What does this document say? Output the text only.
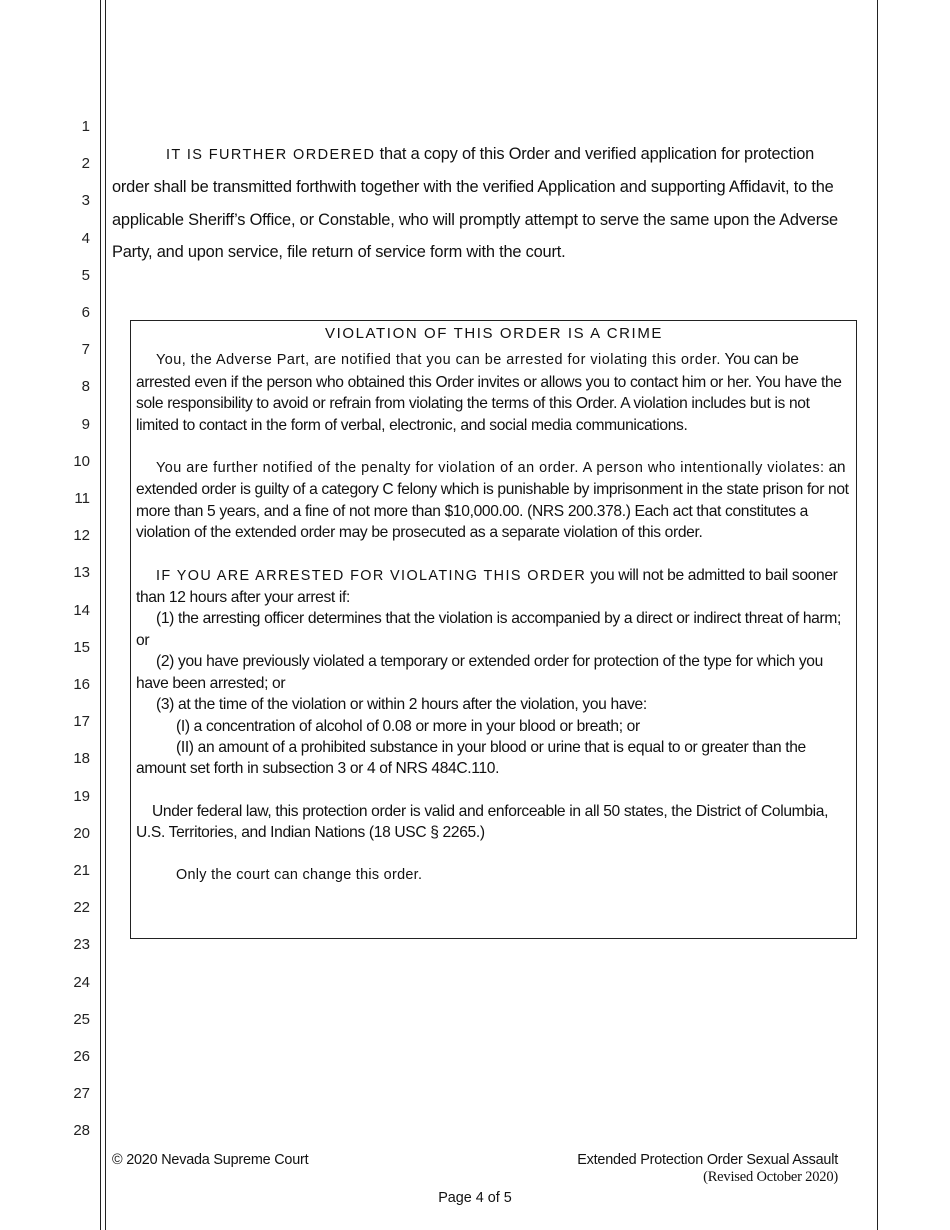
1
2
3
4
5
6
7
8
9
10
11
12
13
14
15
16
17
18
19
20
21
22
23
24
25
26
27
28
IT IS FURTHER ORDERED that a copy of this Order and verified application for protection order shall be transmitted forthwith together with the verified Application and supporting Affidavit, to the applicable Sheriff’s Office, or Constable, who will promptly attempt to serve the same upon the Adverse Party, and upon service, file return of service form with the court.
VIOLATION OF THIS ORDER IS A CRIME

You, the Adverse Part, are notified that you can be arrested for violating this order. You can be arrested even if the person who obtained this Order invites or allows you to contact him or her. You have the sole responsibility to avoid or refrain from violating the terms of this Order. A violation includes but is not limited to contact in the form of verbal, electronic, and social media communications.

You are further notified of the penalty for violation of an order. A person who intentionally violates: an extended order is guilty of a category C felony which is punishable by imprisonment in the state prison for not more than 5 years, and a fine of not more than $10,000.00. (NRS 200.378.) Each act that constitutes a violation of the extended order may be prosecuted as a separate violation of this order.

IF YOU ARE ARRESTED FOR VIOLATING THIS ORDER you will not be admitted to bail sooner than 12 hours after your arrest if:

(1) the arresting officer determines that the violation is accompanied by a direct or indirect threat of harm; or

(2) you have previously violated a temporary or extended order for protection of the type for which you have been arrested; or

(3) at the time of the violation or within 2 hours after the violation, you have:

(I) a concentration of alcohol of 0.08 or more in your blood or breath; or

(II) an amount of a prohibited substance in your blood or urine that is equal to or greater than the amount set forth in subsection 3 or 4 of NRS 484C.110.

Under federal law, this protection order is valid and enforceable in all 50 states, the District of Columbia, U.S. Territories, and Indian Nations (18 USC § 2265.)

Only the court can change this order.

© 2020 Nevada Supreme Court	Extended Protection Order Sexual Assault
(Revised October 2020)
Page 4 of 5
